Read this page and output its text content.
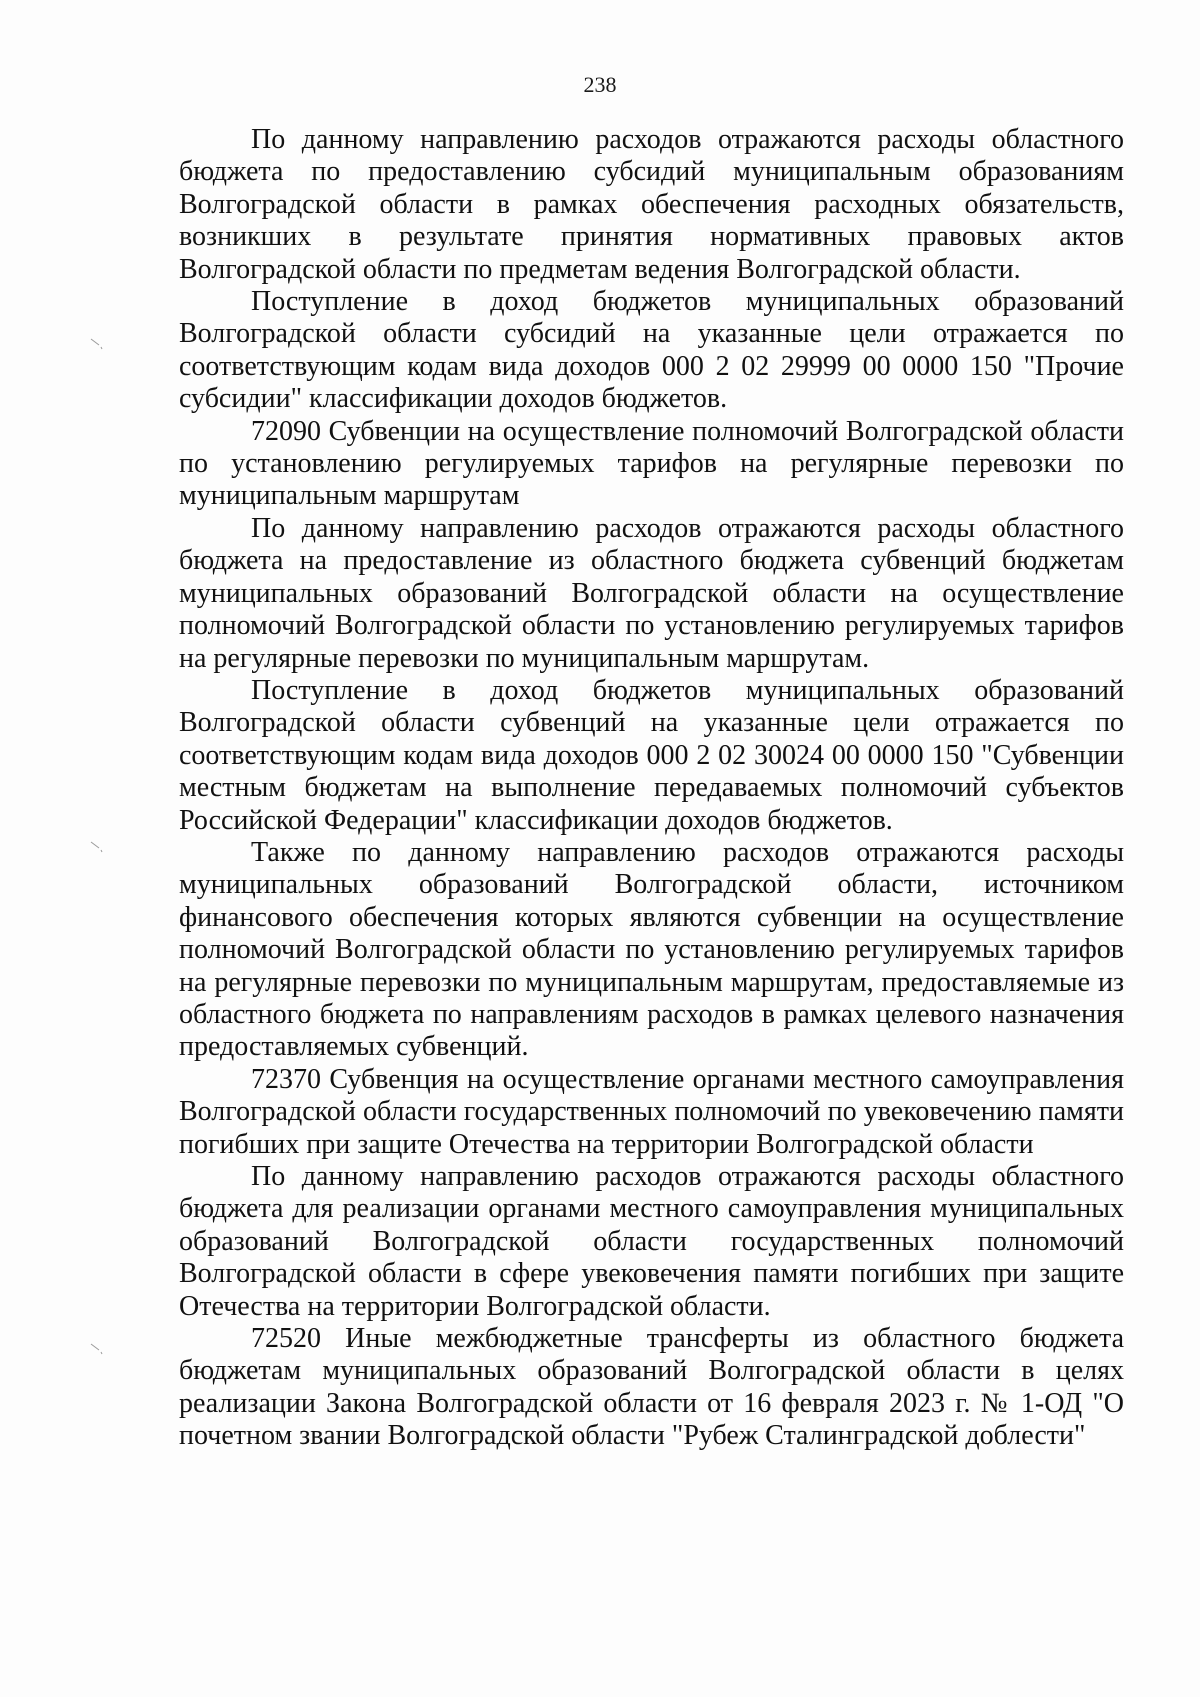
238

По данному направлению расходов отражаются расходы областного бюджета по предоставлению субсидий муниципальным образованиям Волгоградской области в рамках обеспечения расходных обязательств, возникших в результате принятия нормативных правовых актов Волгоградской области по предметам ведения Волгоградской области.

Поступление в доход бюджетов муниципальных образований Волгоградской области субсидий на указанные цели отражается по соответствующим кодам вида доходов 000 2 02 29999 00 0000 150 "Прочие субсидии" классификации доходов бюджетов.

72090 Субвенции на осуществление полномочий Волгоградской области по установлению регулируемых тарифов на регулярные перевозки по муниципальным маршрутам

По данному направлению расходов отражаются расходы областного бюджета на предоставление из областного бюджета субвенций бюджетам муниципальных образований Волгоградской области на осуществление полномочий Волгоградской области по установлению регулируемых тарифов на регулярные перевозки по муниципальным маршрутам.

Поступление в доход бюджетов муниципальных образований Волгоградской области субвенций на указанные цели отражается по соответствующим кодам вида доходов 000 2 02 30024 00 0000 150 "Субвенции местным бюджетам на выполнение передаваемых полномочий субъектов Российской Федерации" классификации доходов бюджетов.

Также по данному направлению расходов отражаются расходы муниципальных образований Волгоградской области, источником финансового обеспечения которых являются субвенции на осуществление полномочий Волгоградской области по установлению регулируемых тарифов на регулярные перевозки по муниципальным маршрутам, предоставляемые из областного бюджета по направлениям расходов в рамках целевого назначения предоставляемых субвенций.

72370 Субвенция на осуществление органами местного самоуправления Волгоградской области государственных полномочий по увековечению памяти погибших при защите Отечества на территории Волгоградской области

По данному направлению расходов отражаются расходы областного бюджета для реализации органами местного самоуправления муниципальных образований Волгоградской области государственных полномочий Волгоградской области в сфере увековечения памяти погибших при защите Отечества на территории Волгоградской области.

72520 Иные межбюджетные трансферты из областного бюджета бюджетам муниципальных образований Волгоградской области в целях реализации Закона Волгоградской области от 16 февраля 2023 г. № 1-ОД "О почетном звании Волгоградской области "Рубеж Сталинградской доблести"
